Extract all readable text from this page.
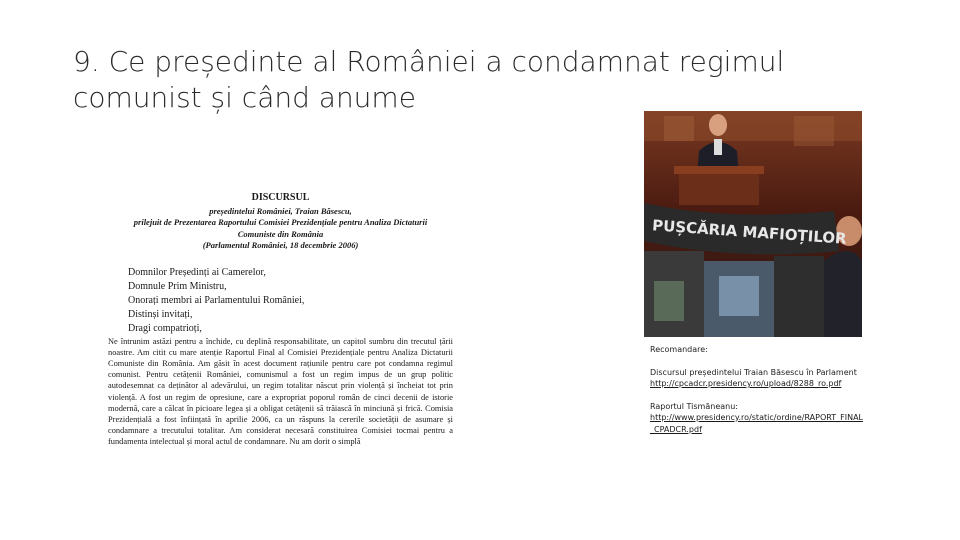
9. Ce președinte al României a condamnat regimul
comunist și când anume
DISCURSUL
președintelui României, Traian Băsescu,
prilejuit de Prezentarea Raportului Comisiei Prezidențiale pentru Analiza Dictaturii
Comuniste din România
(Parlamentul României, 18 decembrie 2006)
Domnilor Președinți ai Camerelor,
Domnule Prim Ministru,
Onorați membri ai Parlamentului României,
Distinși invitați,
Dragi compatrioți,

Ne întrunim astăzi pentru a închide, cu deplină responsabilitate, un capitol sumbru din trecutul țării noastre. Am citit cu mare atenție Raportul Final al Comisiei Prezidențiale pentru Analiza Dictaturii Comuniste din România. Am găsit în acest document rațiunile pentru care pot condamna regimul comunist. Pentru cetățenii României, comunismul a fost un regim impus de un grup politic autodesemnat ca deținător al adevărului, un regim totalitar născut prin violență și încheiat tot prin violență. A fost un regim de opresiune, care a expropriat poporul român de cinci decenii de istorie modernă, care a călcat în picioare legea și a obligat cetățenii să trăiască în minciună și frică. Comisia Prezidențială a fost înființată în aprilie 2006, ca un răspuns la cererile societății de asumare și condamnare a trecutului totalitar. Am considerat necesară constituirea Comisiei tocmai pentru a fundamenta intelectual și moral actul de condamnare. Nu am dorit o simplă

PUȘCĂRIA MAFIOȚILOR

Recomandare:

Discursul președintelui Traian Băsescu în Parlament
http://cpcadcr.presidency.ro/upload/8288_ro.pdf
Raportul Tismăneanu:
http://www.presidency.ro/static/ordine/RAPORT_FINAL
_CPADCR.pdf
